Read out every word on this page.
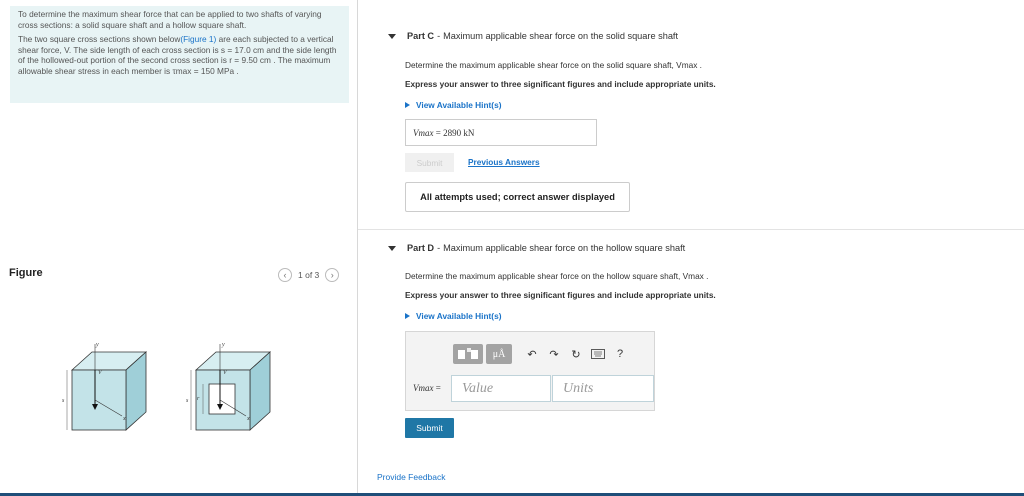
To determine the maximum shear force that can be applied to two shafts of varying cross sections: a solid square shaft and a hollow square shaft.

The two square cross sections shown below(Figure 1) are each subjected to a vertical shear force, V. The side length of each cross section is s = 17.0 cm and the side length of the hollowed-out portion of the second cross section is r = 9.50 cm . The maximum allowable shear stress in each member is τmax = 150 MPa .

Figure	‹ 1 of 3 ›
y
x
V
s
y
x
V
s r
Part C - Maximum applicable shear force on the solid square shaft
Determine the maximum applicable shear force on the solid square shaft, Vmax .
Express your answer to three significant figures and include appropriate units.
View Available Hint(s)
Vmax
= 2890 kN
Submit	Previous Answers
All attempts used; correct answer displayed
Part D - Maximum applicable shear force on the hollow square shaft
Determine the maximum applicable shear force on the hollow square shaft, Vmax .
Express your answer to three significant figures and include appropriate units.
View Available Hint(s)
μÅ	↶	↷	↻	?
Vmax =	Value	Units
Submit
Provide Feedback
